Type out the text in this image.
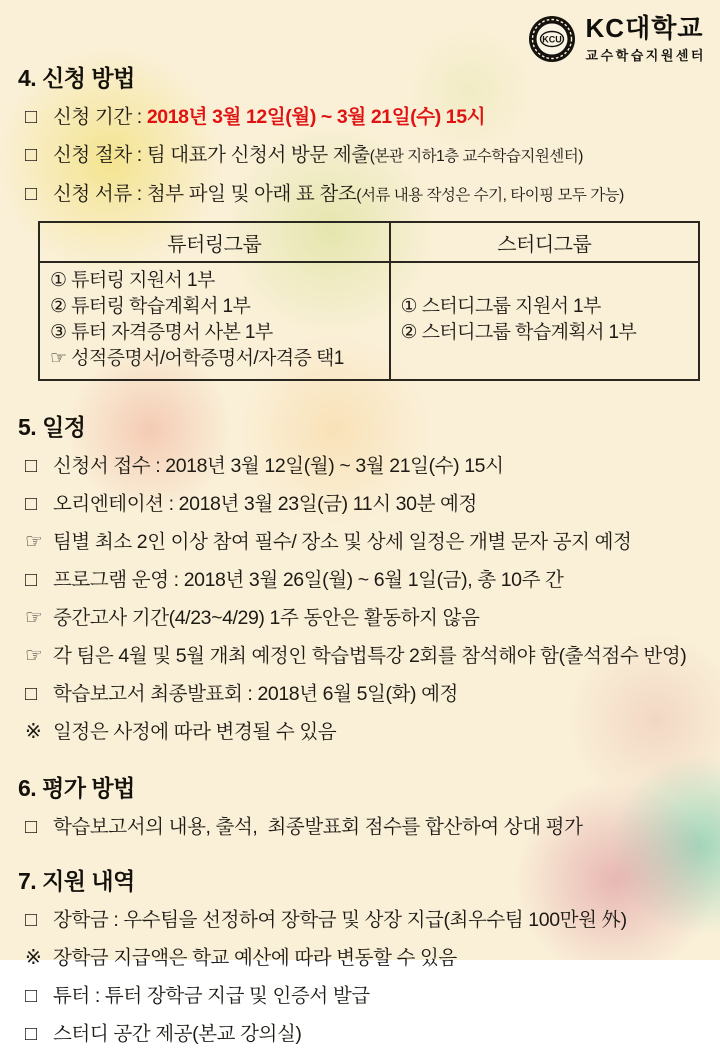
KCU KC대학교
교수학습지원센터
4. 신청 방법
□ 신청 기간 : 2018년 3월 12일(월) ~ 3월 21일(수) 15시
□ 신청 절차 : 팀 대표가 신청서 방문 제출(본관 지하1층 교수학습지원센터)
□ 신청 서류 : 첨부 파일 및 아래 표 참조(서류 내용 작성은 수기, 타이핑 모두 가능)
튜터링그룹	스터디그룹

① 튜터링 지원서 1부
② 튜터링 학습계획서 1부
③ 튜터 자격증명서 사본 1부
☞ 성적증명서/어학증명서/자격증 택1

① 스터디그룹 지원서 1부
② 스터디그룹 학습계획서 1부
5. 일정
□ 신청서 접수 : 2018년 3월 12일(월) ~ 3월 21일(수) 15시
□ 오리엔테이션 : 2018년 3월 23일(금) 11시 30분 예정
☞ 팀별 최소 2인 이상 참여 필수/ 장소 및 상세 일정은 개별 문자 공지 예정
□ 프로그램 운영 : 2018년 3월 26일(월) ~ 6월 1일(금), 총 10주 간
☞ 중간고사 기간(4/23~4/29) 1주 동안은 활동하지 않음
☞ 각 팀은 4월 및 5월 개최 예정인 학습법특강 2회를 참석해야 함(출석점수 반영)
□ 학습보고서 최종발표회 : 2018년 6월 5일(화) 예정
※ 일정은 사정에 따라 변경될 수 있음
6. 평가 방법
□ 학습보고서의 내용, 출석,  최종발표회 점수를 합산하여 상대 평가
7. 지원 내역
□ 장학금 : 우수팀을 선정하여 장학금 및 상장 지급(최우수팀 100만원 外)
※ 장학금 지급액은 학교 예산에 따라 변동할 수 있음
□ 튜터 : 튜터 장학금 지급 및 인증서 발급
□ 스터디 공간 제공(본교 강의실)
